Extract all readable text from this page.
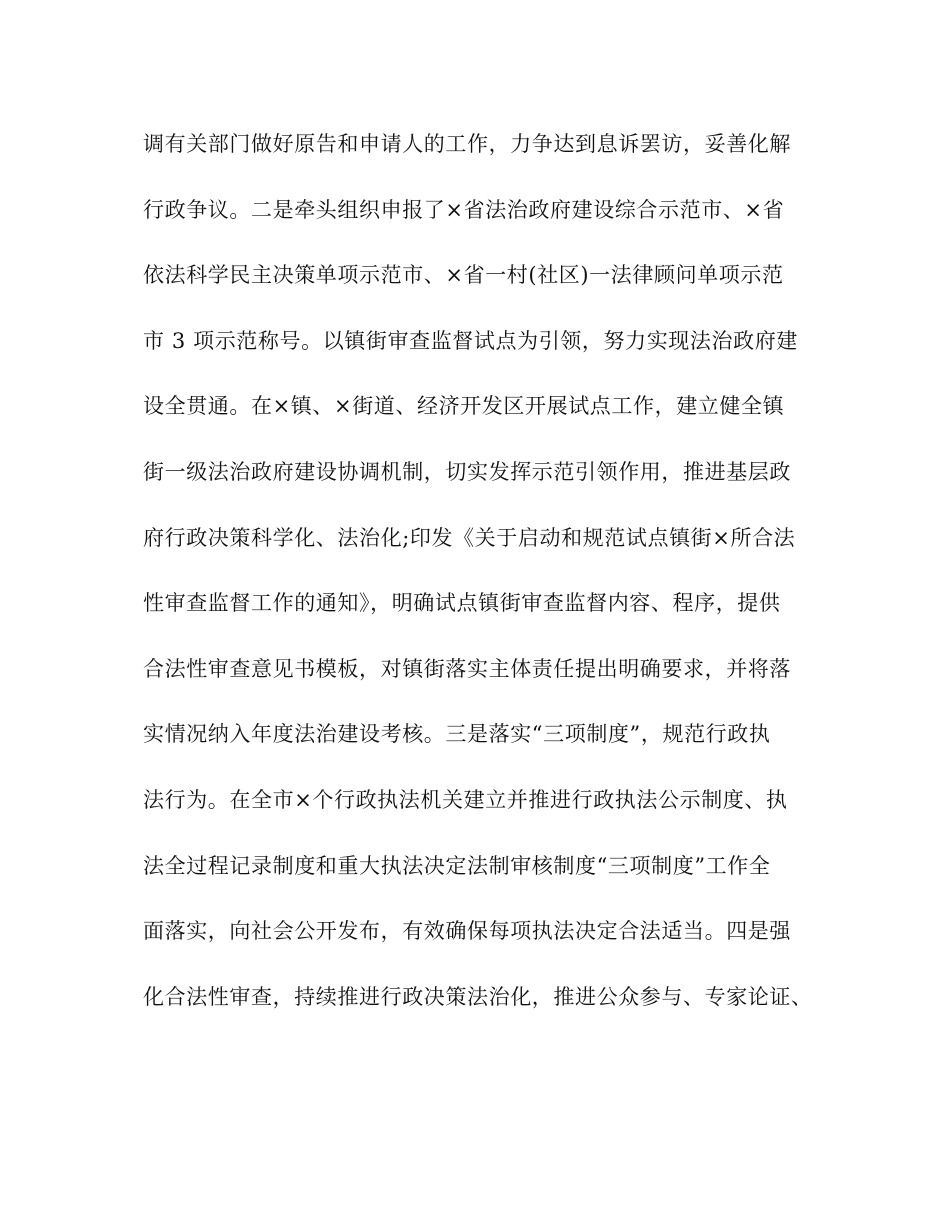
调有关部门做好原告和申请人的工作，力争达到息诉罢访，妥善化解
行政争议。二是牵头组织申报了×省法治政府建设综合示范市、×省
依法科学民主决策单项示范市、×省一村(社区)一法律顾问单项示范
市 3 项示范称号。以镇街审查监督试点为引领，努力实现法治政府建
设全贯通。在×镇、×街道、经济开发区开展试点工作，建立健全镇
街一级法治政府建设协调机制，切实发挥示范引领作用，推进基层政
府行政决策科学化、法治化;印发《关于启动和规范试点镇街×所合法
性审查监督工作的通知》，明确试点镇街审查监督内容、程序，提供
合法性审查意见书模板，对镇街落实主体责任提出明确要求，并将落
实情况纳入年度法治建设考核。三是落实“三项制度”，规范行政执
法行为。在全市×个行政执法机关建立并推进行政执法公示制度、执
法全过程记录制度和重大执法决定法制审核制度“三项制度”工作全
面落实，向社会公开发布，有效确保每项执法决定合法适当。四是强
化合法性审查，持续推进行政决策法治化，推进公众参与、专家论证、
